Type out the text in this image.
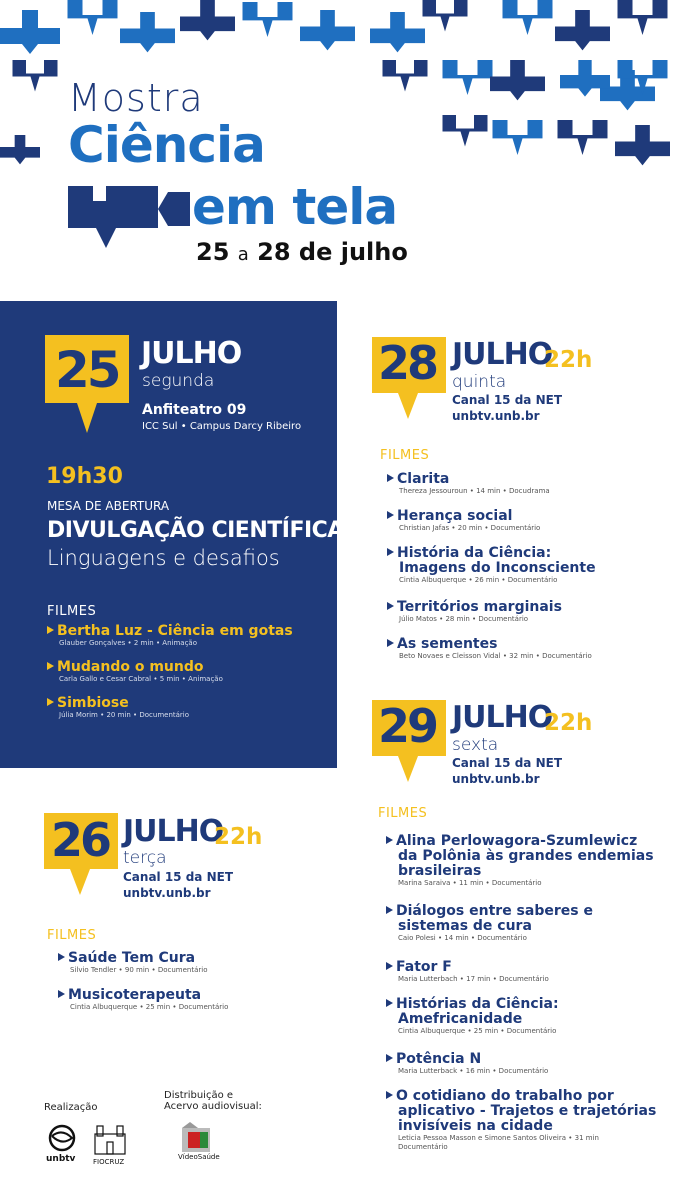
Mostra
Ciência
em tela
25 a 28 de julho
25 JULHO
segunda
Anfiteatro 09
ICC Sul • Campus Darcy Ribeiro
19h30
MESA DE ABERTURA
DIVULGAÇÃO CIENTÍFICA:
Linguagens e desafios
FILMES
Bertha Luz - Ciência em gotas
Glauber Gonçalves • 2 min • Animação
Mudando o mundo
Carla Gallo e Cesar Cabral • 5 min • Animação
Simbiose
Júlia Morim • 20 min • Documentário
28 JULHO
22h
quinta
Canal 15 da NET
unbtv.unb.br
FILMES
Clarita
Thereza Jessouroun • 14 min • Docudrama
Herança social
Christian Jafas • 20 min • Documentário
História da Ciência:
Imagens do Inconsciente
Cintia Albuquerque • 26 min • Documentário
Territórios marginais
Júlio Matos • 28 min • Documentário
As sementes
Beto Novaes e Cleisson Vidal • 32 min • Documentário
29 JULHO
22h
sexta
Canal 15 da NET
unbtv.unb.br
FILMES
Alina Perlowagora-Szumlewicz
da Polônia às grandes endemias
brasileiras
Marina Saraiva • 11 min • Documentário
Diálogos entre saberes e
sistemas de cura
Caio Polesi • 14 min • Documentário
Fator F
Maria Lutterbach • 17 min • Documentário
Histórias da Ciência:
Amefricanidade
Cintia Albuquerque • 25 min • Documentário
Potência N
Maria Lutterback • 16 min • Documentário
O cotidiano do trabalho por
aplicativo - Trajetos e trajetórias
invisíveis na cidade
Leticia Pessoa Masson e Simone Santos Oliveira • 31 min
Documentário
26 JULHO
22h
terça
Canal 15 da NET
unbtv.unb.br
FILMES
Saúde Tem Cura
Silvio Tendler • 90 min • Documentário
Musicoterapeuta
Cintia Albuquerque • 25 min • Documentário
Realização
Distribuição e
Acervo audiovisual:
unbtv	FIOCRUZ
VídeoSaúde
